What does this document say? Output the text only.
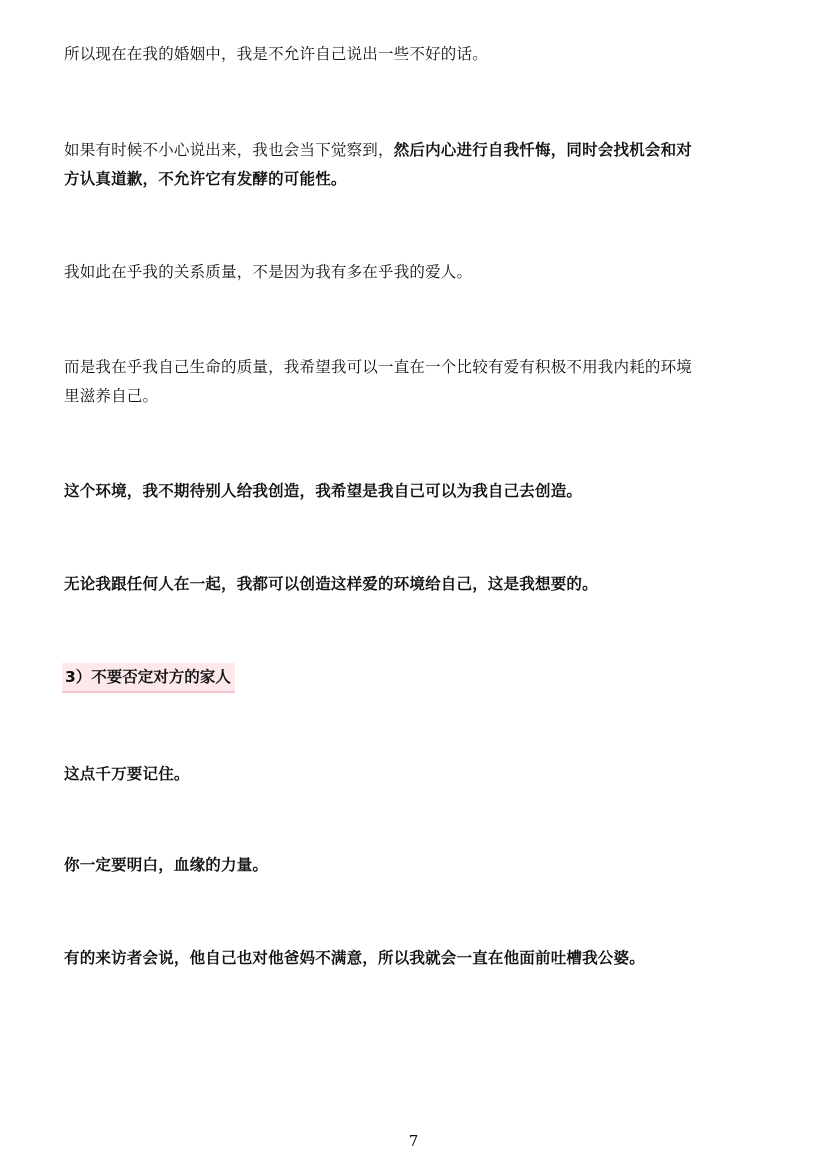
所以现在在我的婚姻中，我是不允许自己说出一些不好的话。

如果有时候不小心说出来，我也会当下觉察到，然后内心进行自我忏悔，同时会找机会和对

方认真道歉，不允许它有发酵的可能性。

我如此在乎我的关系质量，不是因为我有多在乎我的爱人。

而是我在乎我自己生命的质量，我希望我可以一直在一个比较有爱有积极不用我内耗的环境

里滋养自己。

这个环境，我不期待别人给我创造，我希望是我自己可以为我自己去创造。

无论我跟任何人在一起，我都可以创造这样爱的环境给自己，这是我想要的。

3）不要否定对方的家人

这点千万要记住。

你一定要明白，血缘的力量。

有的来访者会说，他自己也对他爸妈不满意，所以我就会一直在他面前吐槽我公婆。

7
